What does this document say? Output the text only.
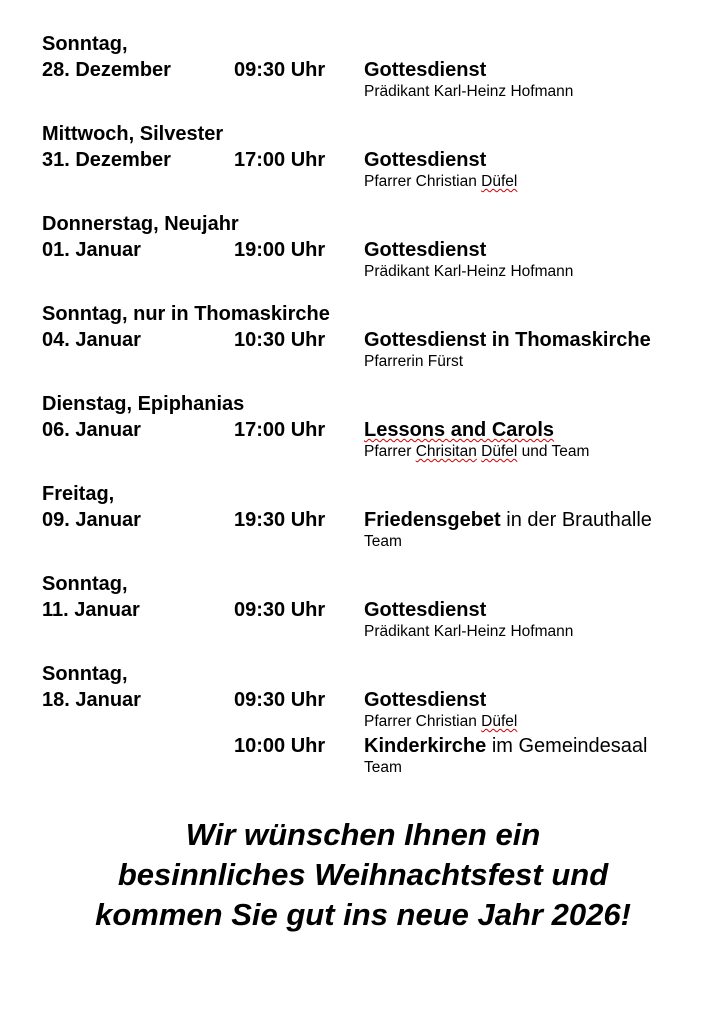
Sonntag,
28. Dezember	09:30 Uhr Gottesdienst
Prädikant Karl-Heinz Hofmann
Mittwoch, Silvester
31. Dezember	17:00 Uhr Gottesdienst
Pfarrer Christian Düfel
Donnerstag, Neujahr
01. Januar	19:00 Uhr Gottesdienst
Prädikant Karl-Heinz Hofmann
Sonntag, nur in Thomaskirche
04. Januar	10:30 Uhr Gottesdienst in Thomaskirche
Pfarrerin Fürst
Dienstag, Epiphanias
06. Januar	17:00 Uhr Lessons and Carols
Pfarrer Chrisitan Düfel und Team
Freitag,
09. Januar	19:30 Uhr Friedensgebet in der Brauthalle
Team
Sonntag,
11. Januar	09:30 Uhr Gottesdienst
Prädikant Karl-Heinz Hofmann
Sonntag,
18. Januar	09:30 Uhr Gottesdienst
Pfarrer Christian Düfel
10:00 Uhr Kinderkirche im Gemeindesaal
Team
Wir wünschen Ihnen ein
besinnliches Weihnachtsfest und
kommen Sie gut ins neue Jahr 2026!
